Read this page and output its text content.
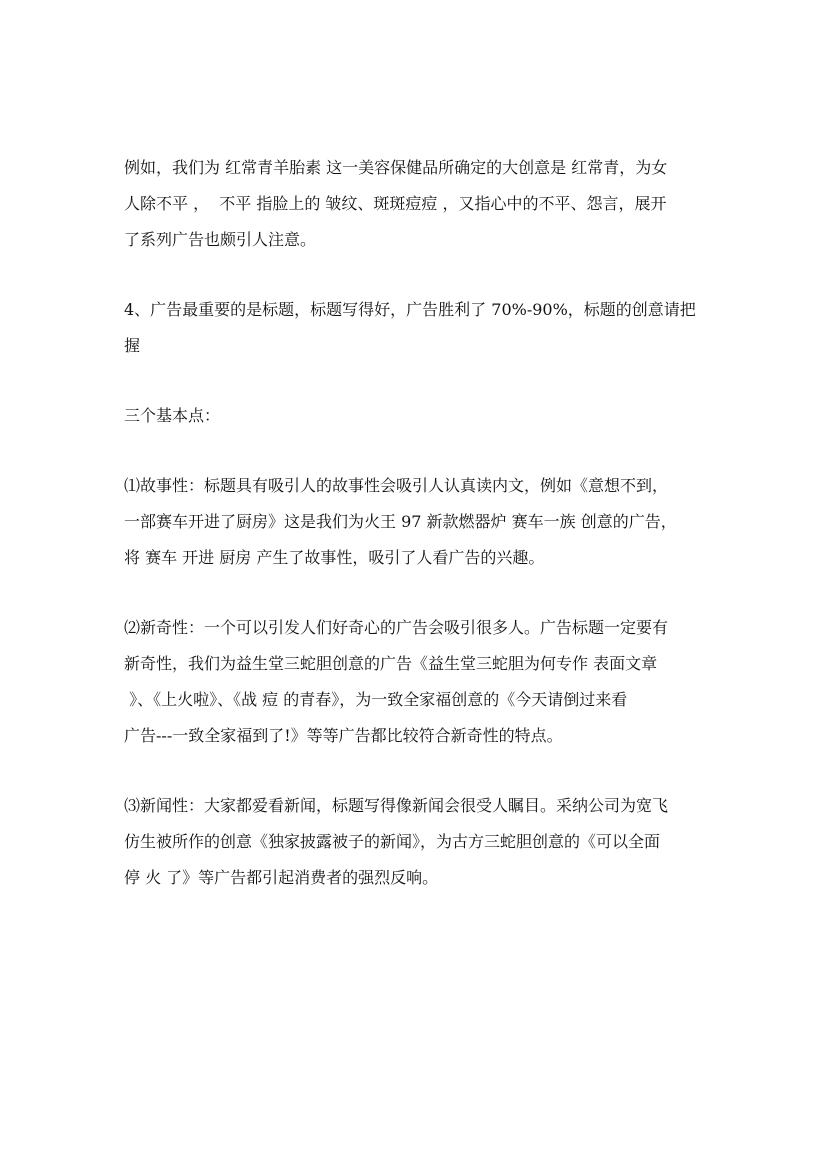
例如，我们为 红常青羊胎素 这一美容保健品所确定的大创意是 红常青，为女
人除不平 ，  不平 指脸上的 皱纹、斑斑痘痘 ，又指心中的不平、怨言，展开
了系列广告也颇引人注意。
4、广告最重要的是标题，标题写得好，广告胜利了 70%-90%，标题的创意请把
握
三个基本点：
⑴故事性：标题具有吸引人的故事性会吸引人认真读内文，例如《意想不到，
一部赛车开进了厨房》这是我们为火王 97 新款燃器炉 赛车一族 创意的广告，
将 赛车 开进 厨房 产生了故事性，吸引了人看广告的兴趣。
⑵新奇性：一个可以引发人们好奇心的广告会吸引很多人。广告标题一定要有
新奇性，我们为益生堂三蛇胆创意的广告《益生堂三蛇胆为何专作 表面文章
》、《上火啦》、《战 痘 的青春》，为一致全家福创意的《今天请倒过来看
广告---一致全家福到了!》等等广告都比较符合新奇性的特点。
⑶新闻性：大家都爱看新闻，标题写得像新闻会很受人瞩目。采纳公司为宽飞
仿生被所作的创意《独家披露被子的新闻》，为古方三蛇胆创意的《可以全面
停 火 了》等广告都引起消费者的强烈反响。
